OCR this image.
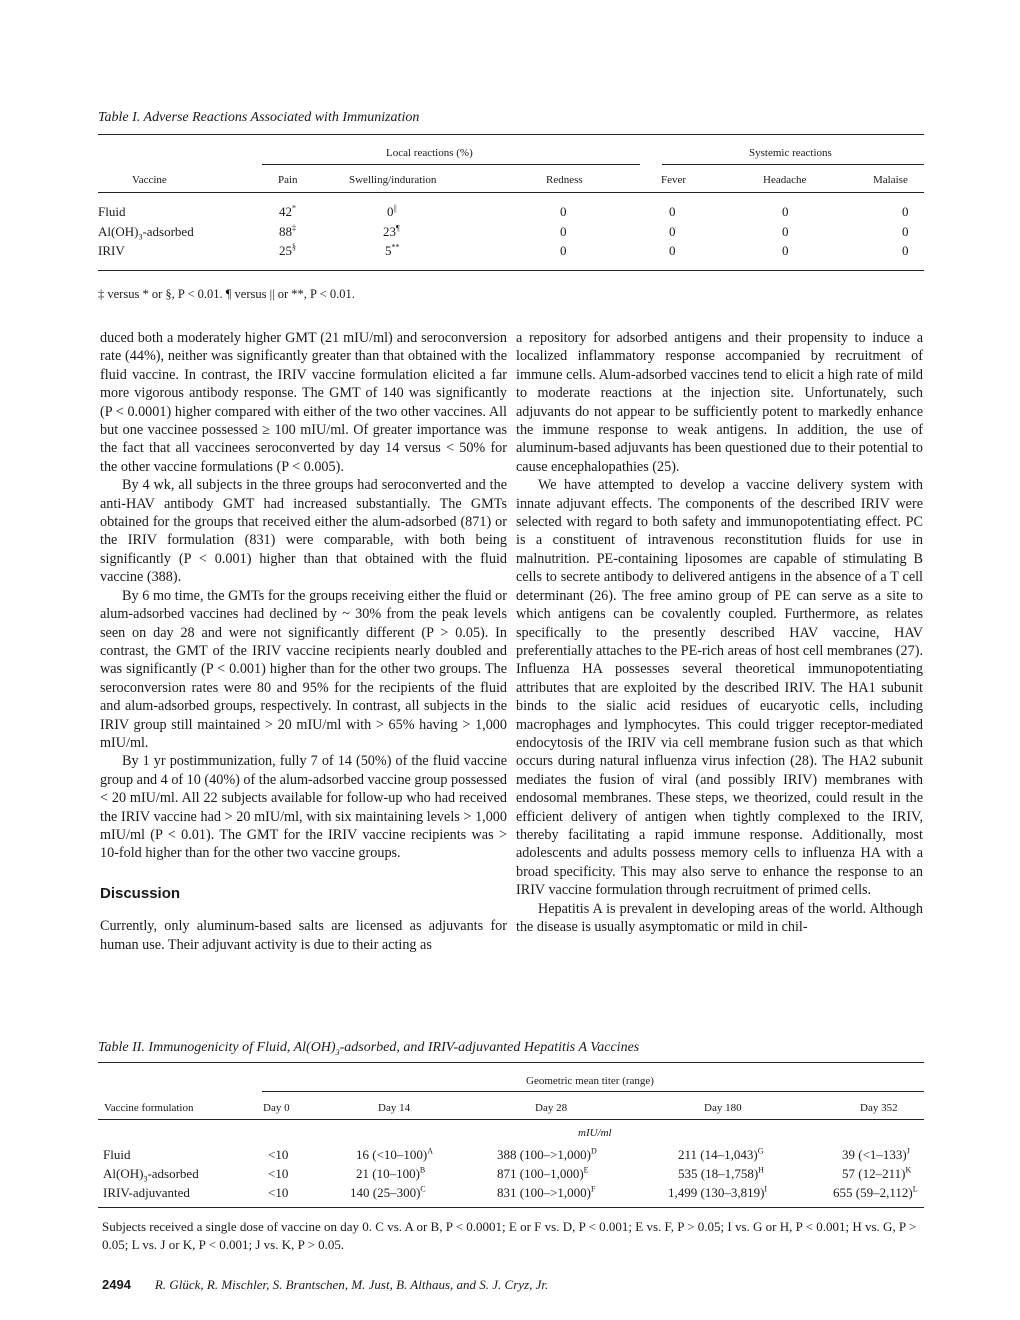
Table I. Adverse Reactions Associated with Immunization
Local reactions (%)	Systemic reactions
Vaccine	Pain	Swelling/induration	Redness	Fever	Headache	Malaise
Fluid	42*	0||	0	0	0	0
$Al(OH)_3$-adsorbed	88‡	23¶	0	0	0	0
IRIV	25§	5**	0	0	0	0
‡ versus * or §, P < 0.01. ¶ versus || or **, P < 0.01.

duced both a moderately higher GMT (21 mIU/ml) and seroconversion rate (44%), neither was significantly greater than that obtained with the fluid vaccine. In contrast, the IRIV vaccine formulation elicited a far more vigorous antibody response. The GMT of 140 was significantly (P < 0.0001) higher compared with either of the two other vaccines. All but one vaccinee possessed ≥ 100 mIU/ml. Of greater importance was the fact that all vaccinees seroconverted by day 14 versus < 50% for the other vaccine formulations (P < 0.005).

By 4 wk, all subjects in the three groups had seroconverted and the anti-HAV antibody GMT had increased substantially. The GMTs obtained for the groups that received either the alum-adsorbed (871) or the IRIV formulation (831) were comparable, with both being significantly (P < 0.001) higher than that obtained with the fluid vaccine (388).

By 6 mo time, the GMTs for the groups receiving either the fluid or alum-adsorbed vaccines had declined by ~ 30% from the peak levels seen on day 28 and were not significantly different (P > 0.05). In contrast, the GMT of the IRIV vaccine recipients nearly doubled and was significantly (P < 0.001) higher than for the other two groups. The seroconversion rates were 80 and 95% for the recipients of the fluid and alum-adsorbed groups, respectively. In contrast, all subjects in the IRIV group still maintained > 20 mIU/ml with > 65% having > 1,000 mIU/ml.

By 1 yr postimmunization, fully 7 of 14 (50%) of the fluid vaccine group and 4 of 10 (40%) of the alum-adsorbed vaccine group possessed < 20 mIU/ml. All 22 subjects available for follow-up who had received the IRIV vaccine had > 20 mIU/ml, with six maintaining levels > 1,000 mIU/ml (P < 0.01). The GMT for the IRIV vaccine recipients was > 10-fold higher than for the other two vaccine groups.

Discussion

Currently, only aluminum-based salts are licensed as adjuvants for human use. Their adjuvant activity is due to their acting as

a repository for adsorbed antigens and their propensity to induce a localized inflammatory response accompanied by recruitment of immune cells. Alum-adsorbed vaccines tend to elicit a high rate of mild to moderate reactions at the injection site. Unfortunately, such adjuvants do not appear to be sufficiently potent to markedly enhance the immune response to weak antigens. In addition, the use of aluminum-based adjuvants has been questioned due to their potential to cause encephalopathies (25).

We have attempted to develop a vaccine delivery system with innate adjuvant effects. The components of the described IRIV were selected with regard to both safety and immunopotentiating effect. PC is a constituent of intravenous reconstitution fluids for use in malnutrition. PE-containing liposomes are capable of stimulating B cells to secrete antibody to delivered antigens in the absence of a T cell determinant (26). The free amino group of PE can serve as a site to which antigens can be covalently coupled. Furthermore, as relates specifically to the presently described HAV vaccine, HAV preferentially attaches to the PE-rich areas of host cell membranes (27). Influenza HA possesses several theoretical immunopotentiating attributes that are exploited by the described IRIV. The HA1 subunit binds to the sialic acid residues of eucaryotic cells, including macrophages and lymphocytes. This could trigger receptor-mediated endocytosis of the IRIV via cell membrane fusion such as that which occurs during natural influenza virus infection (28). The HA2 subunit mediates the fusion of viral (and possibly IRIV) membranes with endosomal membranes. These steps, we theorized, could result in the efficient delivery of antigen when tightly complexed to the IRIV, thereby facilitating a rapid immune response. Additionally, most adolescents and adults possess memory cells to influenza HA with a broad specificity. This may also serve to enhance the response to an IRIV vaccine formulation through recruitment of primed cells.

Hepatitis A is prevalent in developing areas of the world. Although the disease is usually asymptomatic or mild in chil-

Table II. Immunogenicity of Fluid, $Al(OH)_3$-adsorbed, and IRIV-adjuvanted Hepatitis A Vaccines
Geometric mean titer (range)
Vaccine formulation	Day 0	Day 14	Day 28	Day 180	Day 352
mIU/ml
Fluid	<10	16 (<10–100)$^A$	388 (100–>1,000)$^D$	211 $(14-1,043)^G$	39 (<1–133)$^J$
$Al(OH)_3$-adsorbed	<10	21 $(10-100)^B$	871 $(100-1,000)^E$	535 $(18-1,758)^H$	57 $(12-211)^K$
IRIV-adjuvanted	<10	140 $(25-300)^C$	831 (100–>1,000)$^F$	1,499 $(130-3,819)^I$	655 $(59-2,112)^L$
Subjects received a single dose of vaccine on day 0. C vs. A or B, P < 0.0001; E or F vs. D, P < 0.001; E vs. F, P > 0.05; I vs. G or H, P < 0.001; H vs. G, P > 0.05; L vs. J or K, P < 0.001; J vs. K, P > 0.05.
2494 R. Glück, R. Mischler, S. Brantschen, M. Just, B. Althaus, and S. J. Cryz, Jr.
